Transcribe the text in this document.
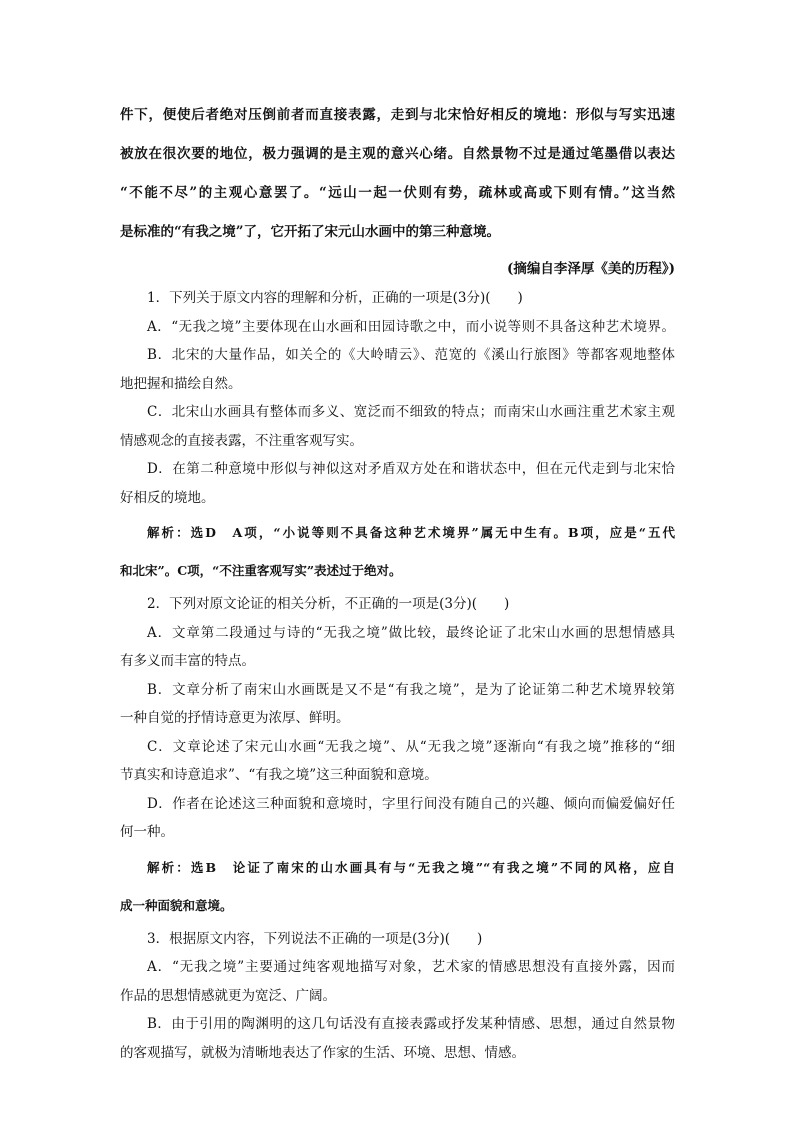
件下，便使后者绝对压倒前者而直接表露，走到与北宋恰好相反的境地：形似与写实迅速

被放在很次要的地位，极力强调的是主观的意兴心绪。自然景物不过是通过笔墨借以表达

“不能不尽”的主观心意罢了。“远山一起一伏则有势，疏林或高或下则有情。”这当然

是标准的“有我之境”了，它开拓了宋元山水画中的第三种意境。

(摘编自李泽厚《美的历程》)

1．下列关于原文内容的理解和分析，正确的一项是(3分)(　　)

A．“无我之境”主要体现在山水画和田园诗歌之中，而小说等则不具备这种艺术境界。

B．北宋的大量作品，如关仝的《大岭晴云》、范宽的《溪山行旅图》等都客观地整体

地把握和描绘自然。

C．北宋山水画具有整体而多义、宽泛而不细致的特点；而南宋山水画注重艺术家主观

情感观念的直接表露，不注重客观写实。

D．在第二种意境中形似与神似这对矛盾双方处在和谐状态中，但在元代走到与北宋恰

好相反的境地。

解析：选D　A项，“小说等则不具备这种艺术境界”属无中生有。B项，应是“五代

和北宋”。C项，“不注重客观写实”表述过于绝对。

2．下列对原文论证的相关分析，不正确的一项是(3分)(　　)

A．文章第二段通过与诗的“无我之境”做比较，最终论证了北宋山水画的思想情感具

有多义而丰富的特点。

B．文章分析了南宋山水画既是又不是“有我之境”，是为了论证第二种艺术境界较第

一种自觉的抒情诗意更为浓厚、鲜明。

C．文章论述了宋元山水画“无我之境”、从“无我之境”逐渐向“有我之境”推移的“细

节真实和诗意追求”、“有我之境”这三种面貌和意境。

D．作者在论述这三种面貌和意境时，字里行间没有随自己的兴趣、倾向而偏爱偏好任

何一种。

解析：选B　论证了南宋的山水画具有与“无我之境”“有我之境”不同的风格，应自

成一种面貌和意境。

3．根据原文内容，下列说法不正确的一项是(3分)(　　)

A．“无我之境”主要通过纯客观地描写对象，艺术家的情感思想没有直接外露，因而

作品的思想情感就更为宽泛、广阔。

B．由于引用的陶渊明的这几句话没有直接表露或抒发某种情感、思想，通过自然景物

的客观描写，就极为清晰地表达了作家的生活、环境、思想、情感。
